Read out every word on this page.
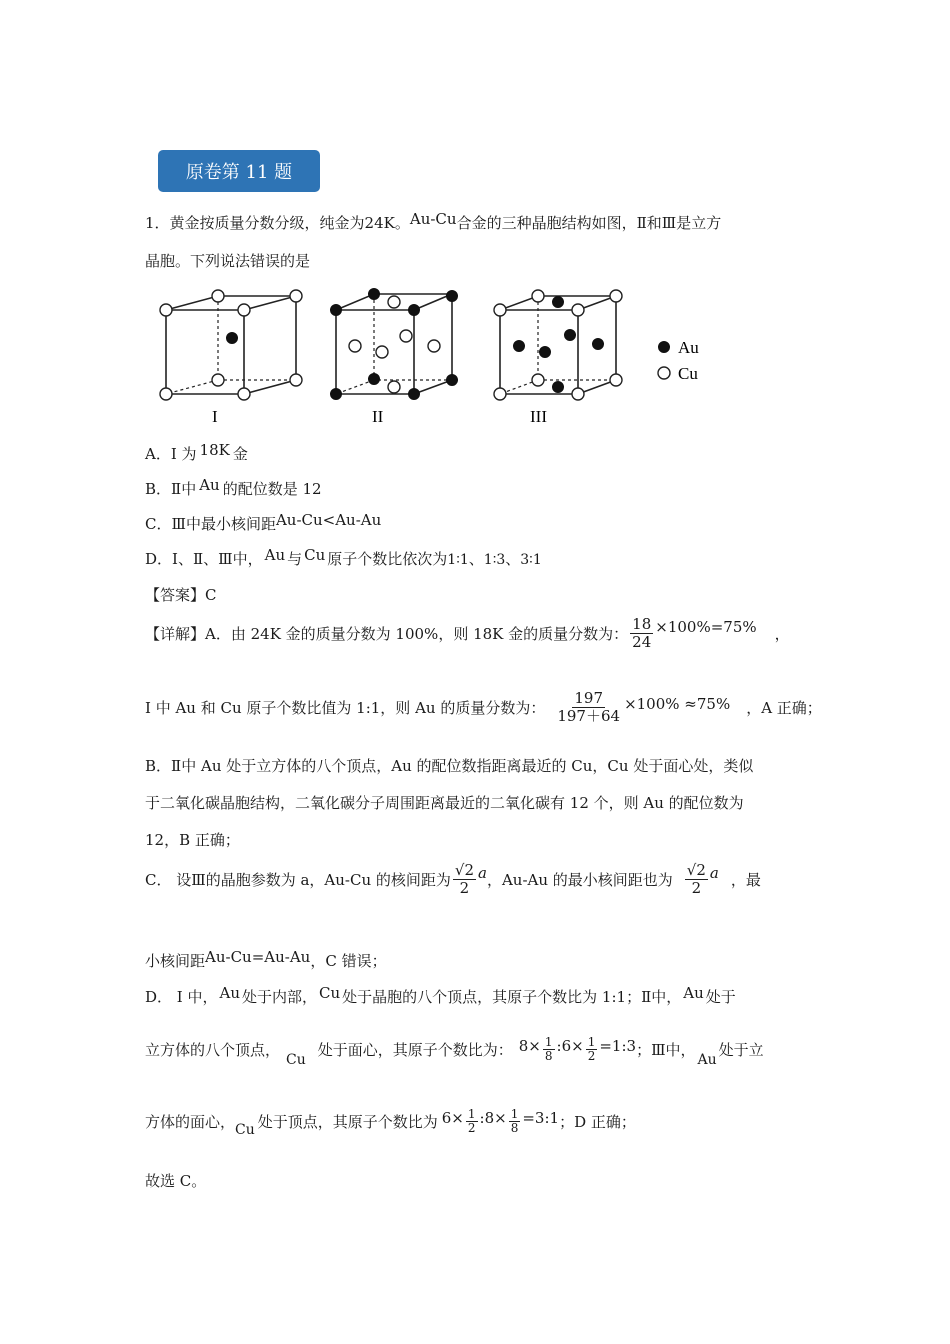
原卷第 11 题
1．黄金按质量分数分级，纯金为24K。Au-Cu合金的三种晶胞结构如图，Ⅱ和Ⅲ是立方
晶胞。下列说法错误的是
I	II	III
Au
Cu
A．I 为 18K 金
B．Ⅱ中 Au 的配位数是 12
C．Ⅲ中最小核间距Au-Cu<Au-Au
D．I、Ⅱ、Ⅲ中， Au 与 Cu 原子个数比依次为1∶1、1∶3、3∶1
【答案】C
【详解】A．由 24K 金的质量分数为 100%，则 18K 金的质量分数为： $\frac{18}{24} \times 100\%=75\%$ ，
I 中 Au 和 Cu 原子个数比值为 1:1，则 Au 的质量分数为： $\frac{197}{197+64} \times 100\% \approx 75\%$ ，A 正确；
B．Ⅱ中 Au 处于立方体的八个顶点，Au 的配位数指距离最近的 Cu，Cu 处于面心处，类似
于二氧化碳晶胞结构，二氧化碳分子周围距离最近的二氧化碳有 12 个，则 Au 的配位数为
12，B 正确；
C． 设Ⅲ的晶胞参数为 a，Au-Cu 的核间距为 $\frac{√2}{2}$ a ，Au-Au 的最小核间距也为 $\frac{√2}{2}$ a ，最
小核间距Au-Cu=Au-Au，C 错误；
D． I 中， Au 处于内部， Cu 处于晶胞的八个顶点，其原子个数比为 1:1；Ⅱ中， Au 处于
立方体的八个顶点，
Cu
处于面心，其原子个数比为： $8\times \frac{1}{8}$ :6× $\frac{1}{2}$ =1:3 ；Ⅲ中，
Au
处于立
方体的面心， Cu 处于顶点，其原子个数比为 $6\times \frac{1}{2}$ :8× $\frac{1}{8}$ =3:1 ；D 正确；
故选 C。
